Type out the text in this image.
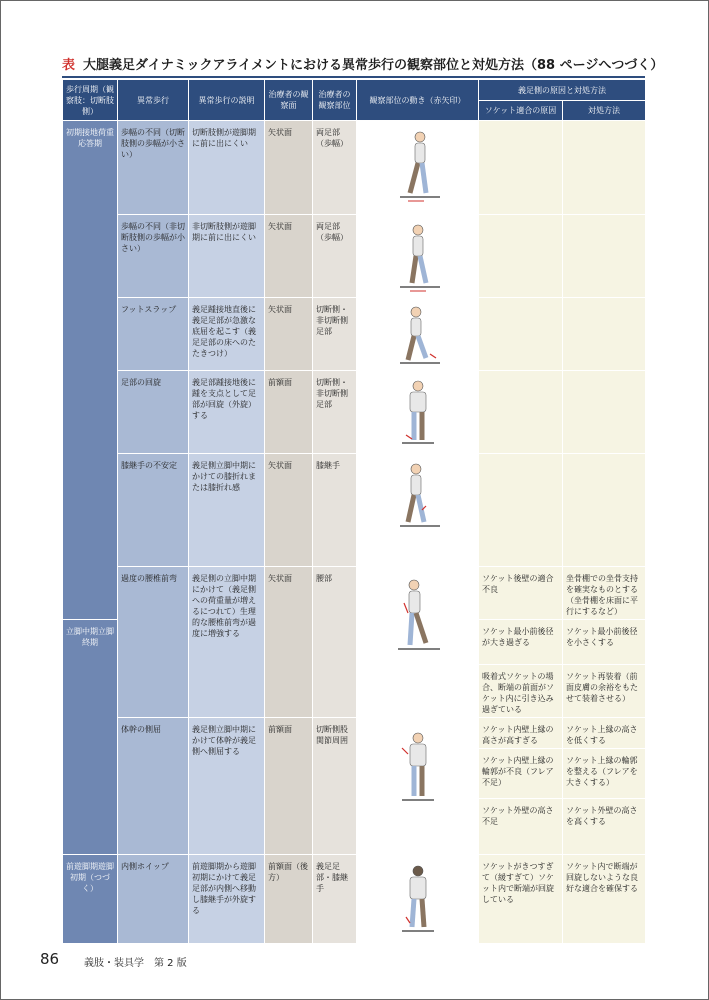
表 大腿義足ダイナミックアライメントにおける異常歩行の観察部位と対処方法（88 ページへつづく）
歩行周期（観察肢：切断肢側）	異常歩行	異常歩行の説明	治療者の観察面	治療者の観察部位	観察部位の動き（赤矢印）	義足側の原因と対処方法	
						ソケット適合の原因	対処方法
初期接地荷重応答期	歩幅の不同（切断肢側の歩幅が小さい）	切断肢側が遊脚期に前に出にくい	矢状面	両足部（歩幅）	

	歩幅の不同（非切断肢側の歩幅が小さい）	非切断肢側が遊脚期に前に出にくい	矢状面	両足部（歩幅）	

	フットスラップ	義足踵接地直後に義足足部が急激な底屈を起こす（義足足部の床へのたたきつけ）	矢状面	切断側・非切断側足部	

	足部の回旋	義足部踵接地後に踵を支点として足部が回旋（外旋）する	前額面	切断側・非切断側足部	

	膝継手の不安定	義足側立脚中期にかけての膝折れまたは膝折れ感	矢状面	膝継手	

	過度の腰椎前弯	義足側の立脚中期にかけて（義足側への荷重量が増えるにつれて）生理的な腰椎前弯が過度に増強する	矢状面	腰部		ソケット後壁の適合不良	坐骨棚での坐骨支持を確実なものとする（坐骨棚を床面に平行にするなど）
立脚中期立脚終期						ソケット最小前後径が大き過ぎる	ソケット最小前後径を小さくする
						吸着式ソケットの場合、断端の前面がソケット内に引き込み過ぎている	ソケット再装着（前面皮膚の余裕をもたせて装着させる）
	体幹の側屈	義足側立脚中期にかけて体幹が義足側へ側屈する	前額面	切断側股関節周囲		ソケット内壁上縁の高さが高すぎる	ソケット上縁の高さを低くする
						ソケット内壁上縁の輪郭が不良（フレア不足）	ソケット上縁の輪郭を整える（フレアを大きくする）
						ソケット外壁の高さ不足	ソケット外壁の高さを高くする
前遊脚期遊脚初期（つづく）	内側ホイップ	前遊脚期から遊脚初期にかけて義足足部が内側へ移動し膝継手が外旋する	前額面（後方）	義足足部・膝継手		ソケットがきつすぎて（緩すぎて）ソケット内で断端が回旋している	ソケット内で断端が回旋しないような良好な適合を確保する
86 義肢・装具学　第 2 版
